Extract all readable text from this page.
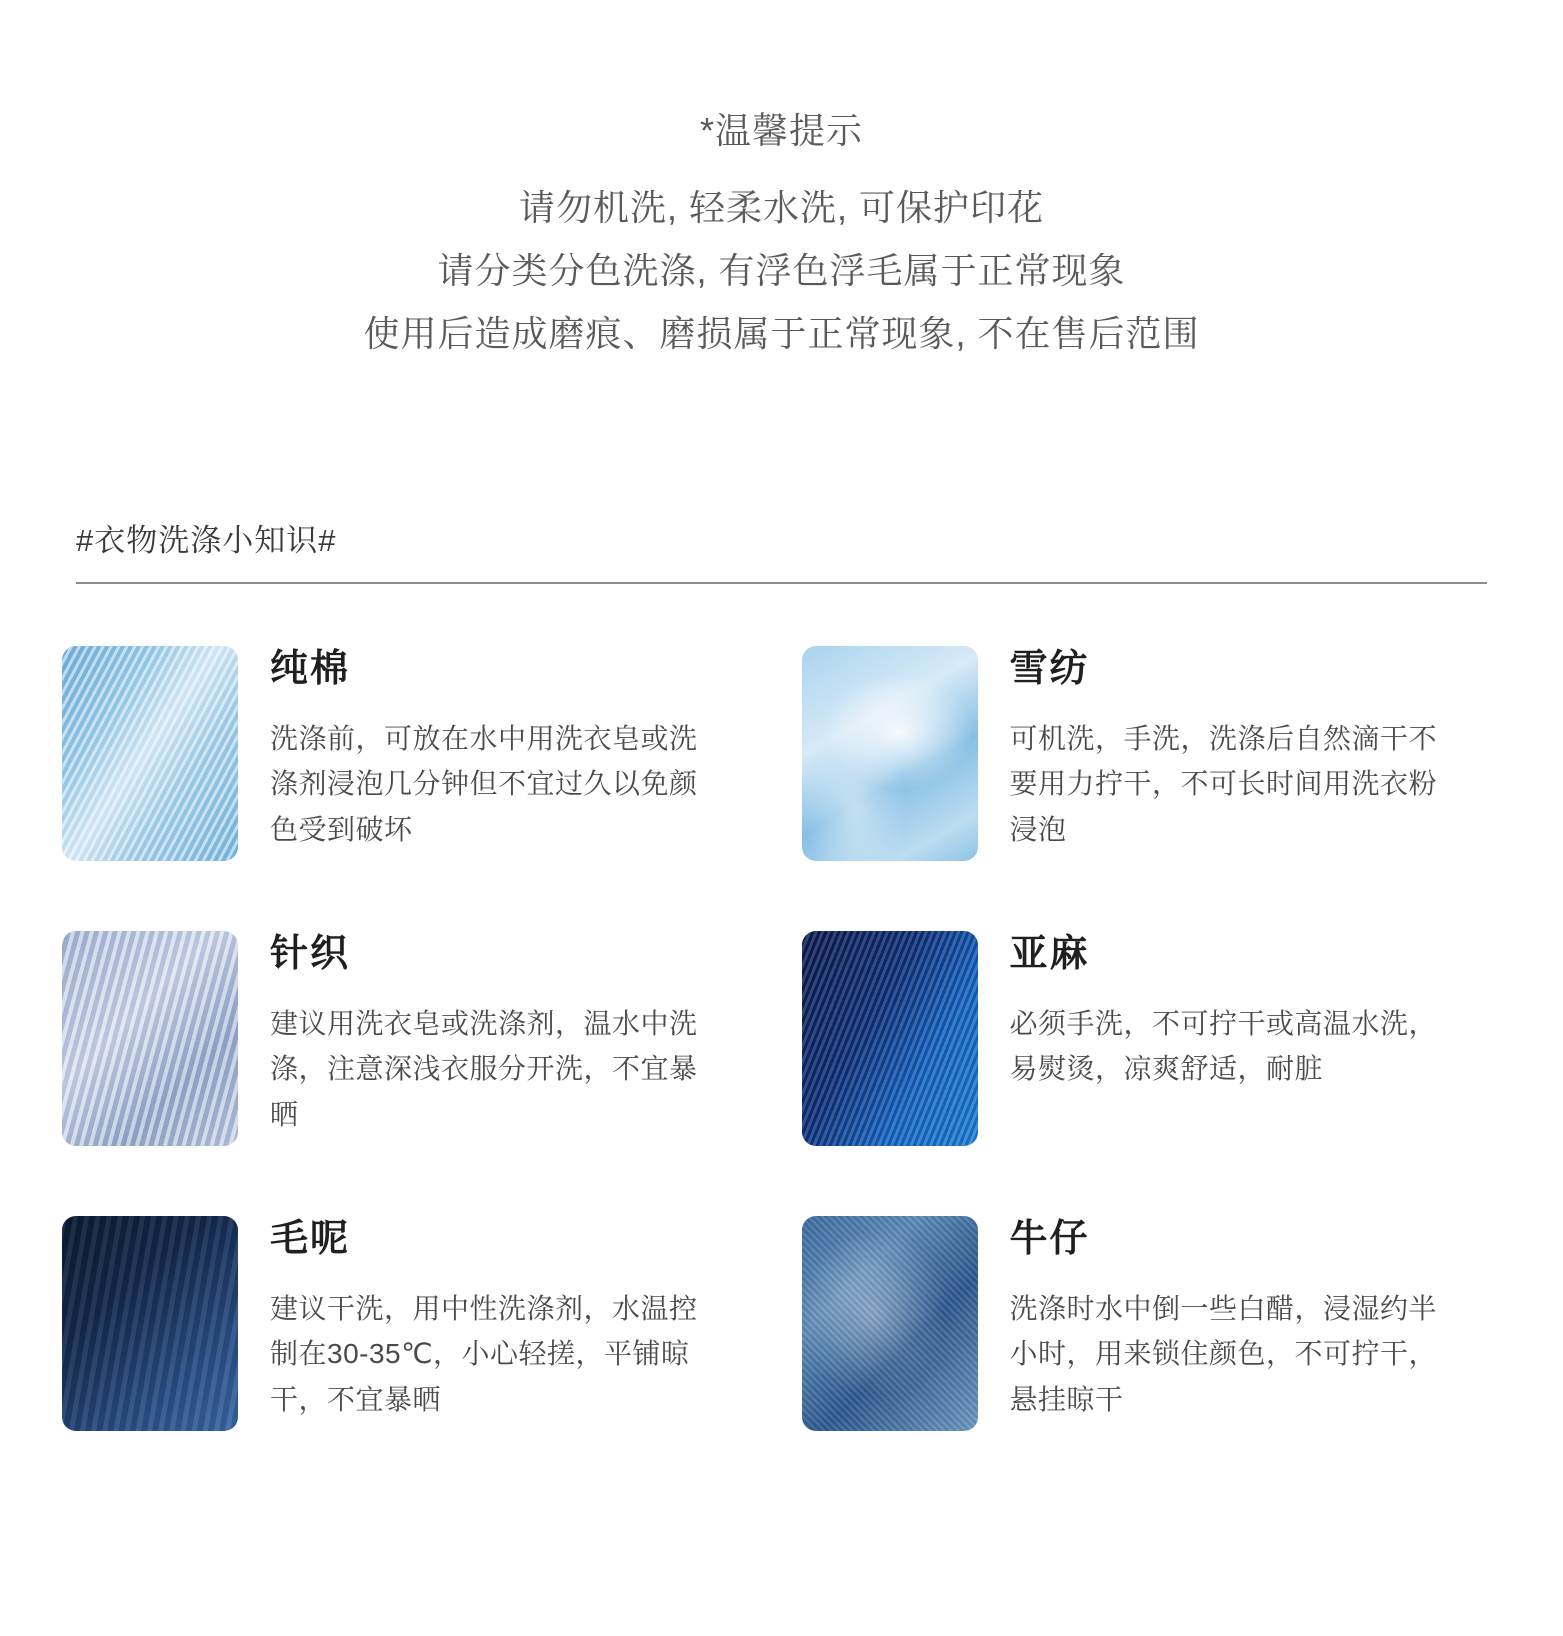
*温馨提示
请勿机洗, 轻柔水洗, 可保护印花
请分类分色洗涤, 有浮色浮毛属于正常现象
使用后造成磨痕、磨损属于正常现象, 不在售后范围
#衣物洗涤小知识#
纯棉
洗涤前，可放在水中用洗衣皂或洗涤剂浸泡几分钟但不宜过久以免颜色受到破坏
雪纺
可机洗，手洗，洗涤后自然滴干不要用力拧干，不可长时间用洗衣粉浸泡
针织
建议用洗衣皂或洗涤剂，温水中洗涤，注意深浅衣服分开洗，不宜暴晒
亚麻
必须手洗，不可拧干或高温水洗，易熨烫，凉爽舒适，耐脏
毛呢
建议干洗，用中性洗涤剂，水温控制在30-35℃，小心轻搓，平铺晾干，不宜暴晒
牛仔
洗涤时水中倒一些白醋，浸湿约半小时，用来锁住颜色，不可拧干，悬挂晾干
